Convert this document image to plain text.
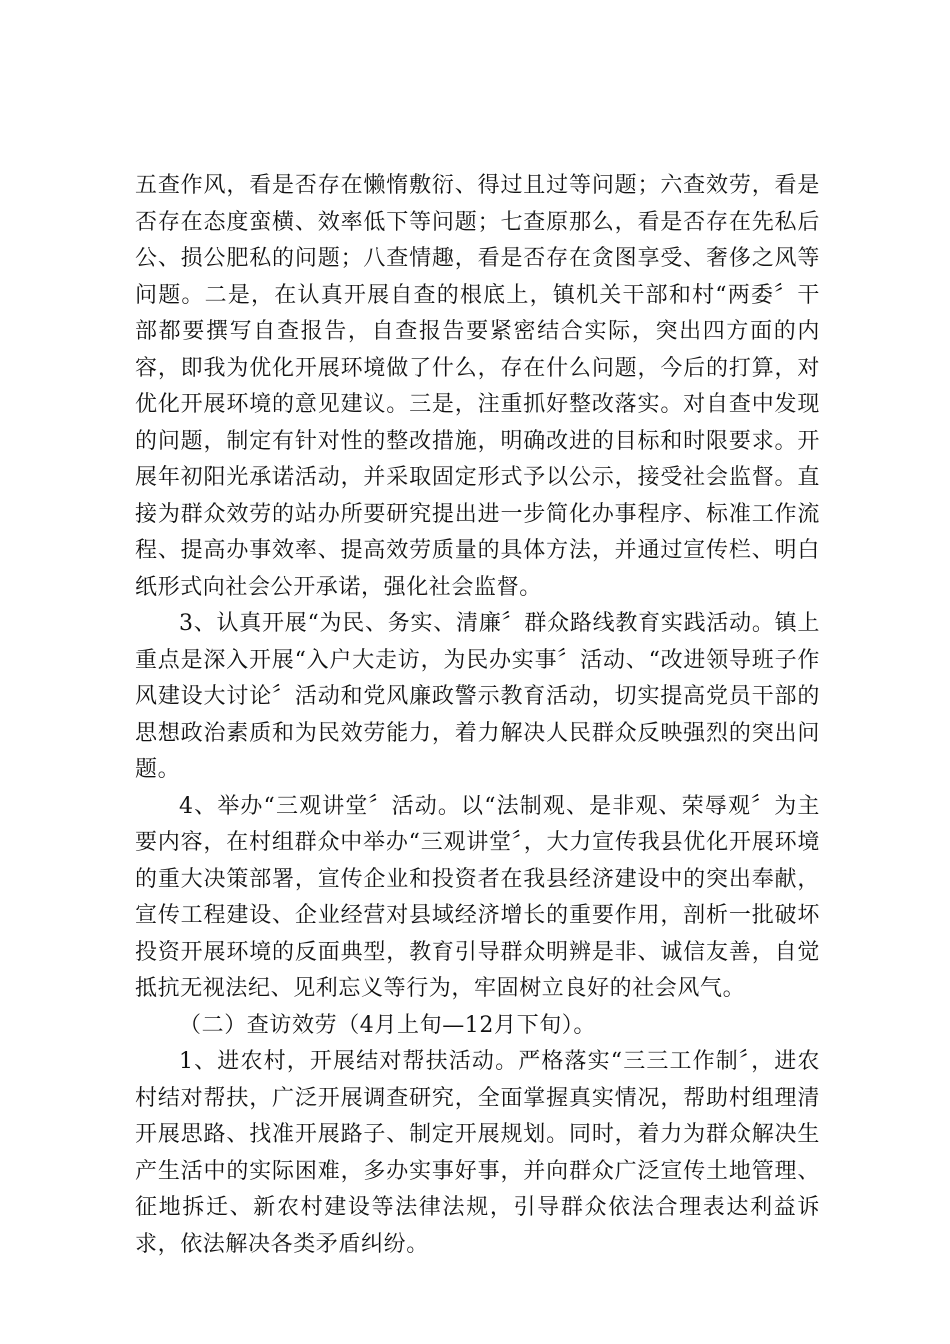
五查作风，看是否存在懒惰敷衍、得过且过等问题；六查效劳，看是否存在态度蛮横、效率低下等问题；七查原那么，看是否存在先私后公、损公肥私的问题；八查情趣，看是否存在贪图享受、奢侈之风等问题。二是，在认真开展自查的根底上，镇机关干部和村“两委〞干部都要撰写自查报告，自查报告要紧密结合实际，突出四方面的内容，即我为优化开展环境做了什么，存在什么问题，今后的打算，对优化开展环境的意见建议。三是，注重抓好整改落实。对自查中发现的问题，制定有针对性的整改措施，明确改进的目标和时限要求。开展年初阳光承诺活动，并采取固定形式予以公示，接受社会监督。直接为群众效劳的站办所要研究提出进一步简化办事程序、标准工作流程、提高办事效率、提高效劳质量的具体方法，并通过宣传栏、明白纸形式向社会公开承诺，强化社会监督。

3、认真开展“为民、务实、清廉〞群众路线教育实践活动。镇上重点是深入开展“入户大走访，为民办实事〞活动、“改进领导班子作风建设大讨论〞活动和党风廉政警示教育活动，切实提高党员干部的思想政治素质和为民效劳能力，着力解决人民群众反映强烈的突出问题。

4、举办“三观讲堂〞活动。以“法制观、是非观、荣辱观〞为主要内容，在村组群众中举办“三观讲堂〞，大力宣传我县优化开展环境的重大决策部署，宣传企业和投资者在我县经济建设中的突出奉献，宣传工程建设、企业经营对县域经济增长的重要作用，剖析一批破坏投资开展环境的反面典型，教育引导群众明辨是非、诚信友善，自觉抵抗无视法纪、见利忘义等行为，牢固树立良好的社会风气。

（二）查访效劳（4月上旬—12月下旬）。

1、进农村，开展结对帮扶活动。严格落实“三三工作制〞，进农村结对帮扶，广泛开展调查研究，全面掌握真实情况，帮助村组理清开展思路、找准开展路子、制定开展规划。同时，着力为群众解决生产生活中的实际困难，多办实事好事，并向群众广泛宣传土地管理、征地拆迁、新农村建设等法律法规，引导群众依法合理表达利益诉求，依法解决各类矛盾纠纷。
